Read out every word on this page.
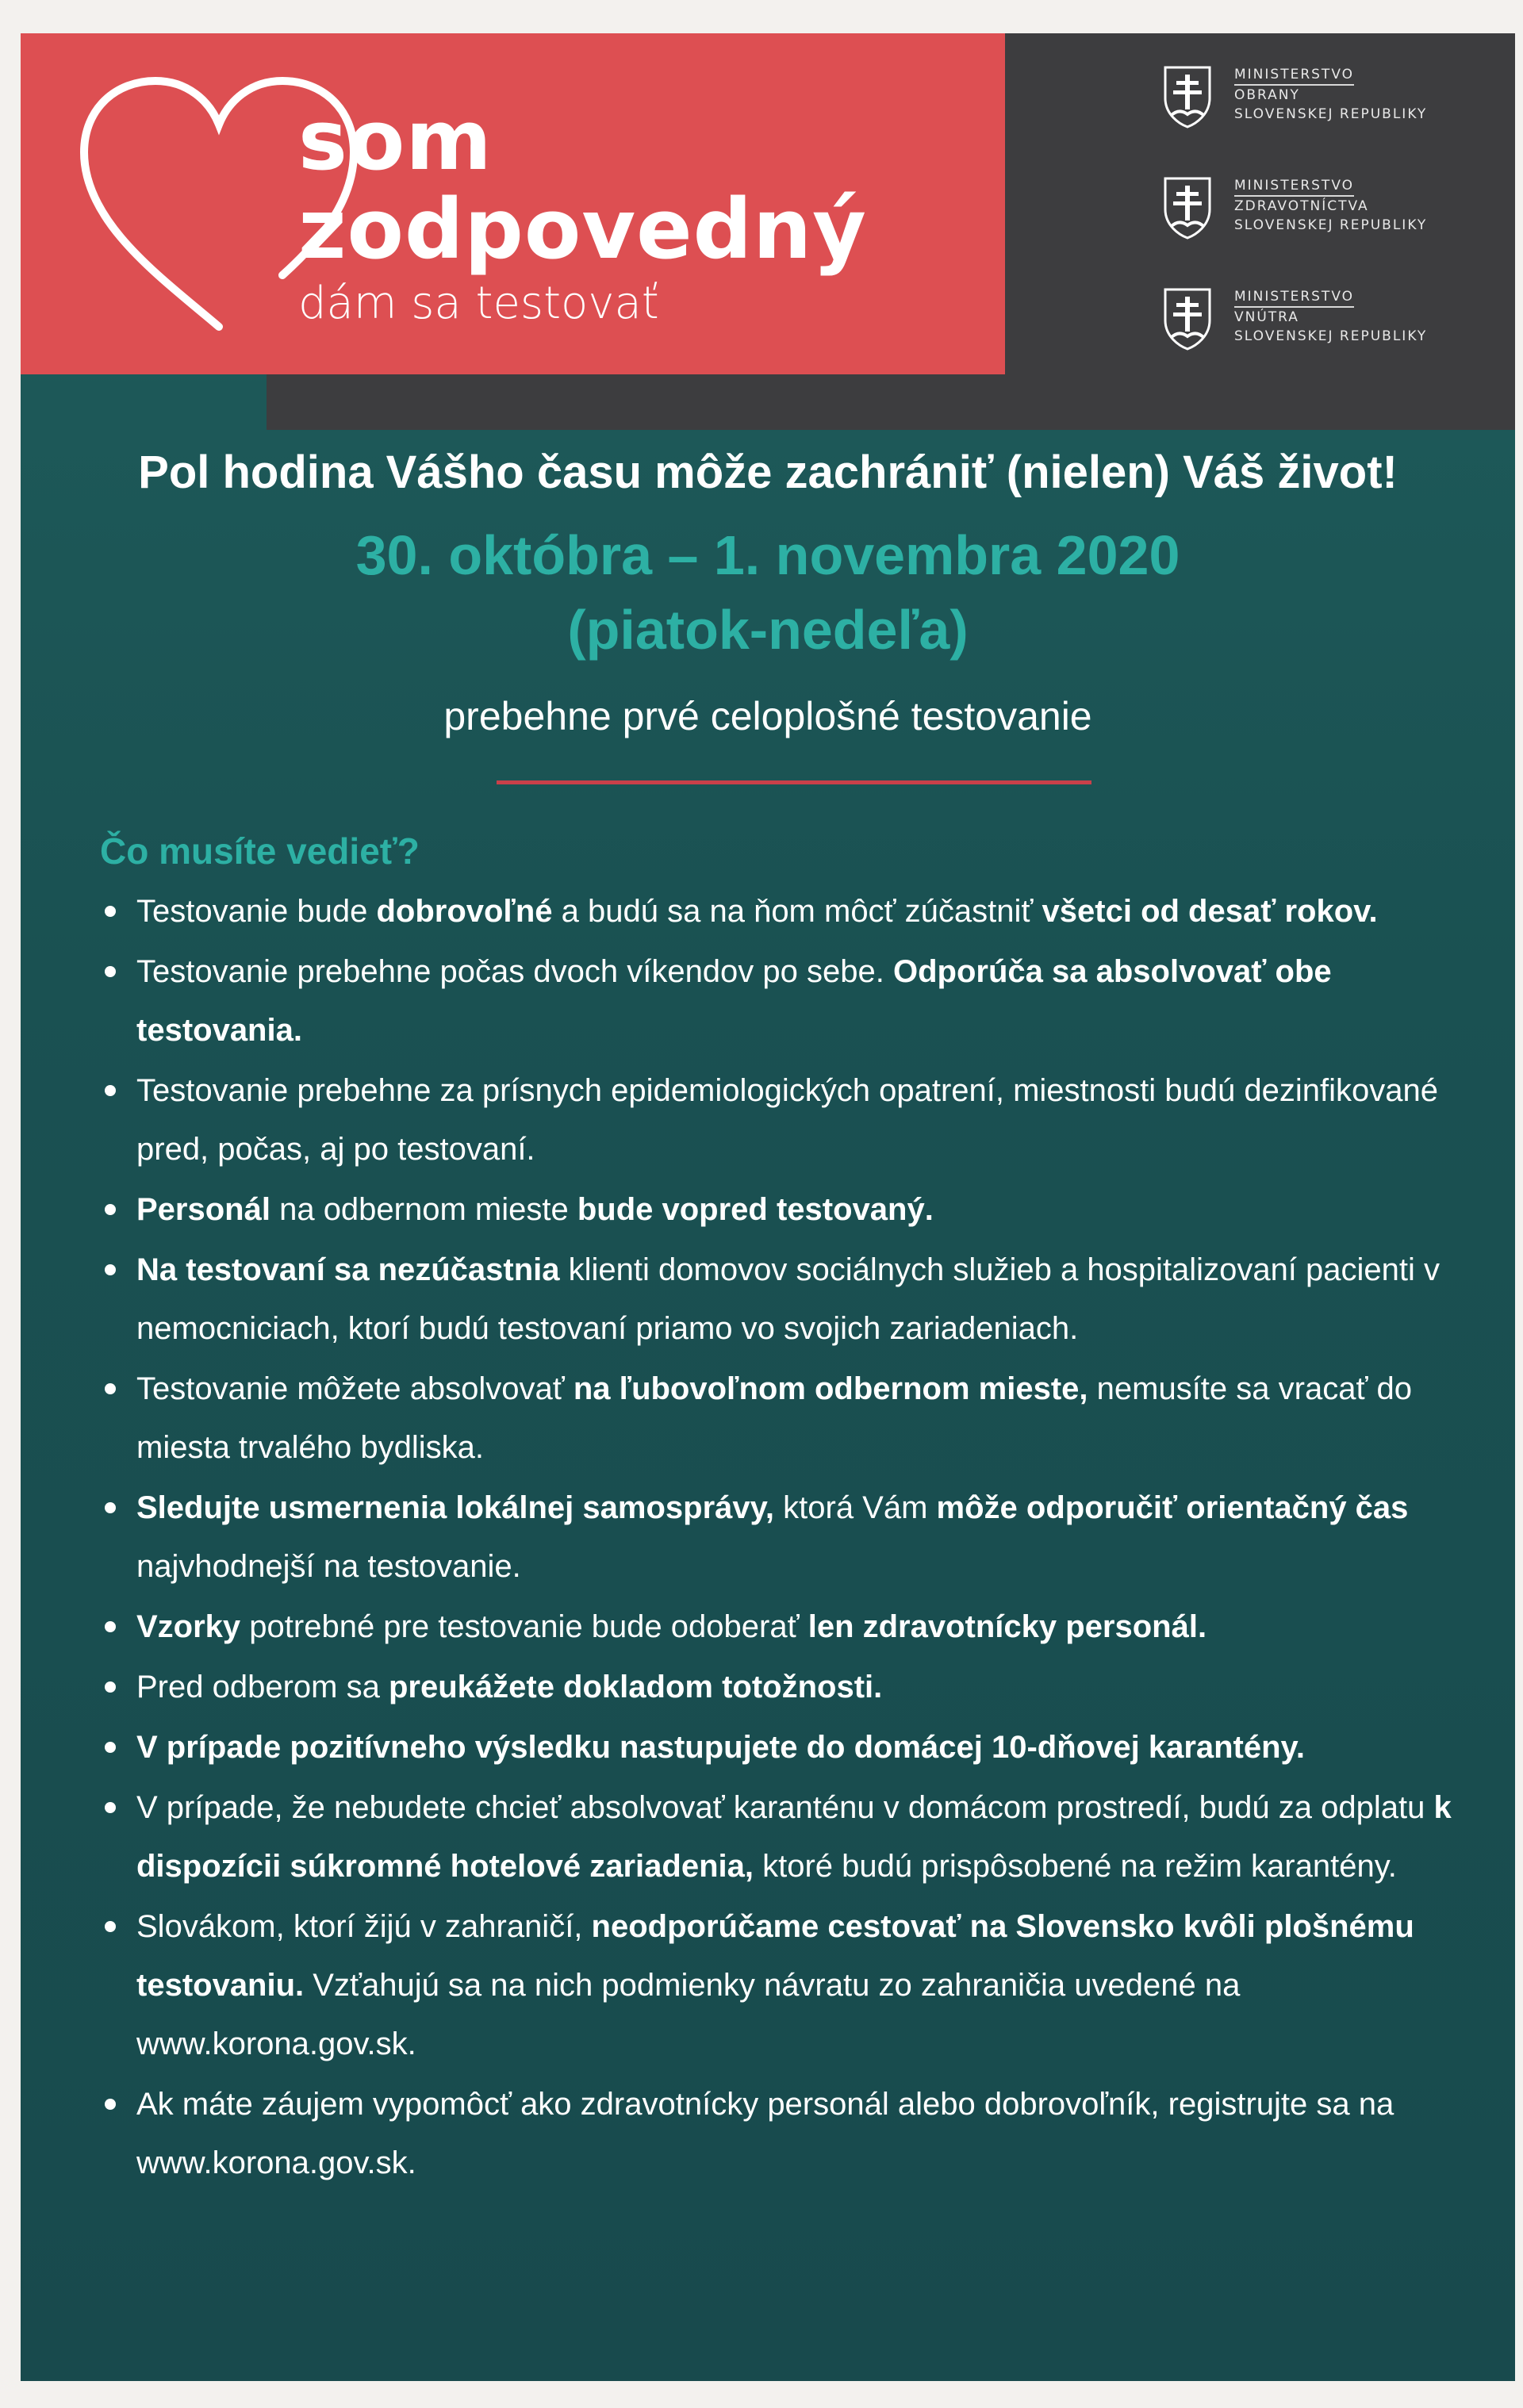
som
zodpovedný
dám sa testovať
MINISTERSTVO
OBRANY
SLOVENSKEJ REPUBLIKY
MINISTERSTVO
ZDRAVOTNÍCTVA
SLOVENSKEJ REPUBLIKY
MINISTERSTVO
VNÚTRA
SLOVENSKEJ REPUBLIKY
Pol hodina Vášho času môže zachrániť (nielen) Váš život!
30. októbra – 1. novembra 2020
(piatok-nedeľa)
prebehne prvé celoplošné testovanie
Čo musíte vedieť?
Testovanie bude dobrovoľné a budú sa na ňom môcť zúčastniť všetci od desať rokov.
Testovanie prebehne počas dvoch víkendov po sebe. Odporúča sa absolvovať obe testovania.
Testovanie prebehne za prísnych epidemiologických opatrení, miestnosti budú dezinfikované pred, počas, aj po testovaní.
Personál na odbernom mieste bude vopred testovaný.
Na testovaní sa nezúčastnia klienti domovov sociálnych služieb a hospitalizovaní pacienti v nemocniciach, ktorí budú testovaní priamo vo svojich zariadeniach.
Testovanie môžete absolvovať na ľubovoľnom odbernom mieste, nemusíte sa vracať do miesta trvalého bydliska.
Sledujte usmernenia lokálnej samosprávy, ktorá Vám môže odporučiť orientačný čas najvhodnejší na testovanie.
Vzorky potrebné pre testovanie bude odoberať len zdravotnícky personál.
Pred odberom sa preukážete dokladom totožnosti.
V prípade pozitívneho výsledku nastupujete do domácej 10-dňovej karantény.
V prípade, že nebudete chcieť absolvovať karanténu v domácom prostredí, budú za odplatu k dispozícii súkromné hotelové zariadenia, ktoré budú prispôsobené na režim karantény.
Slovákom, ktorí žijú v zahraničí, neodporúčame cestovať na Slovensko kvôli plošnému testovaniu. Vzťahujú sa na nich podmienky návratu zo zahraničia uvedené na www.korona.gov.sk.
Ak máte záujem vypomôcť ako zdravotnícky personál alebo dobrovoľník, registrujte sa na www.korona.gov.sk.
